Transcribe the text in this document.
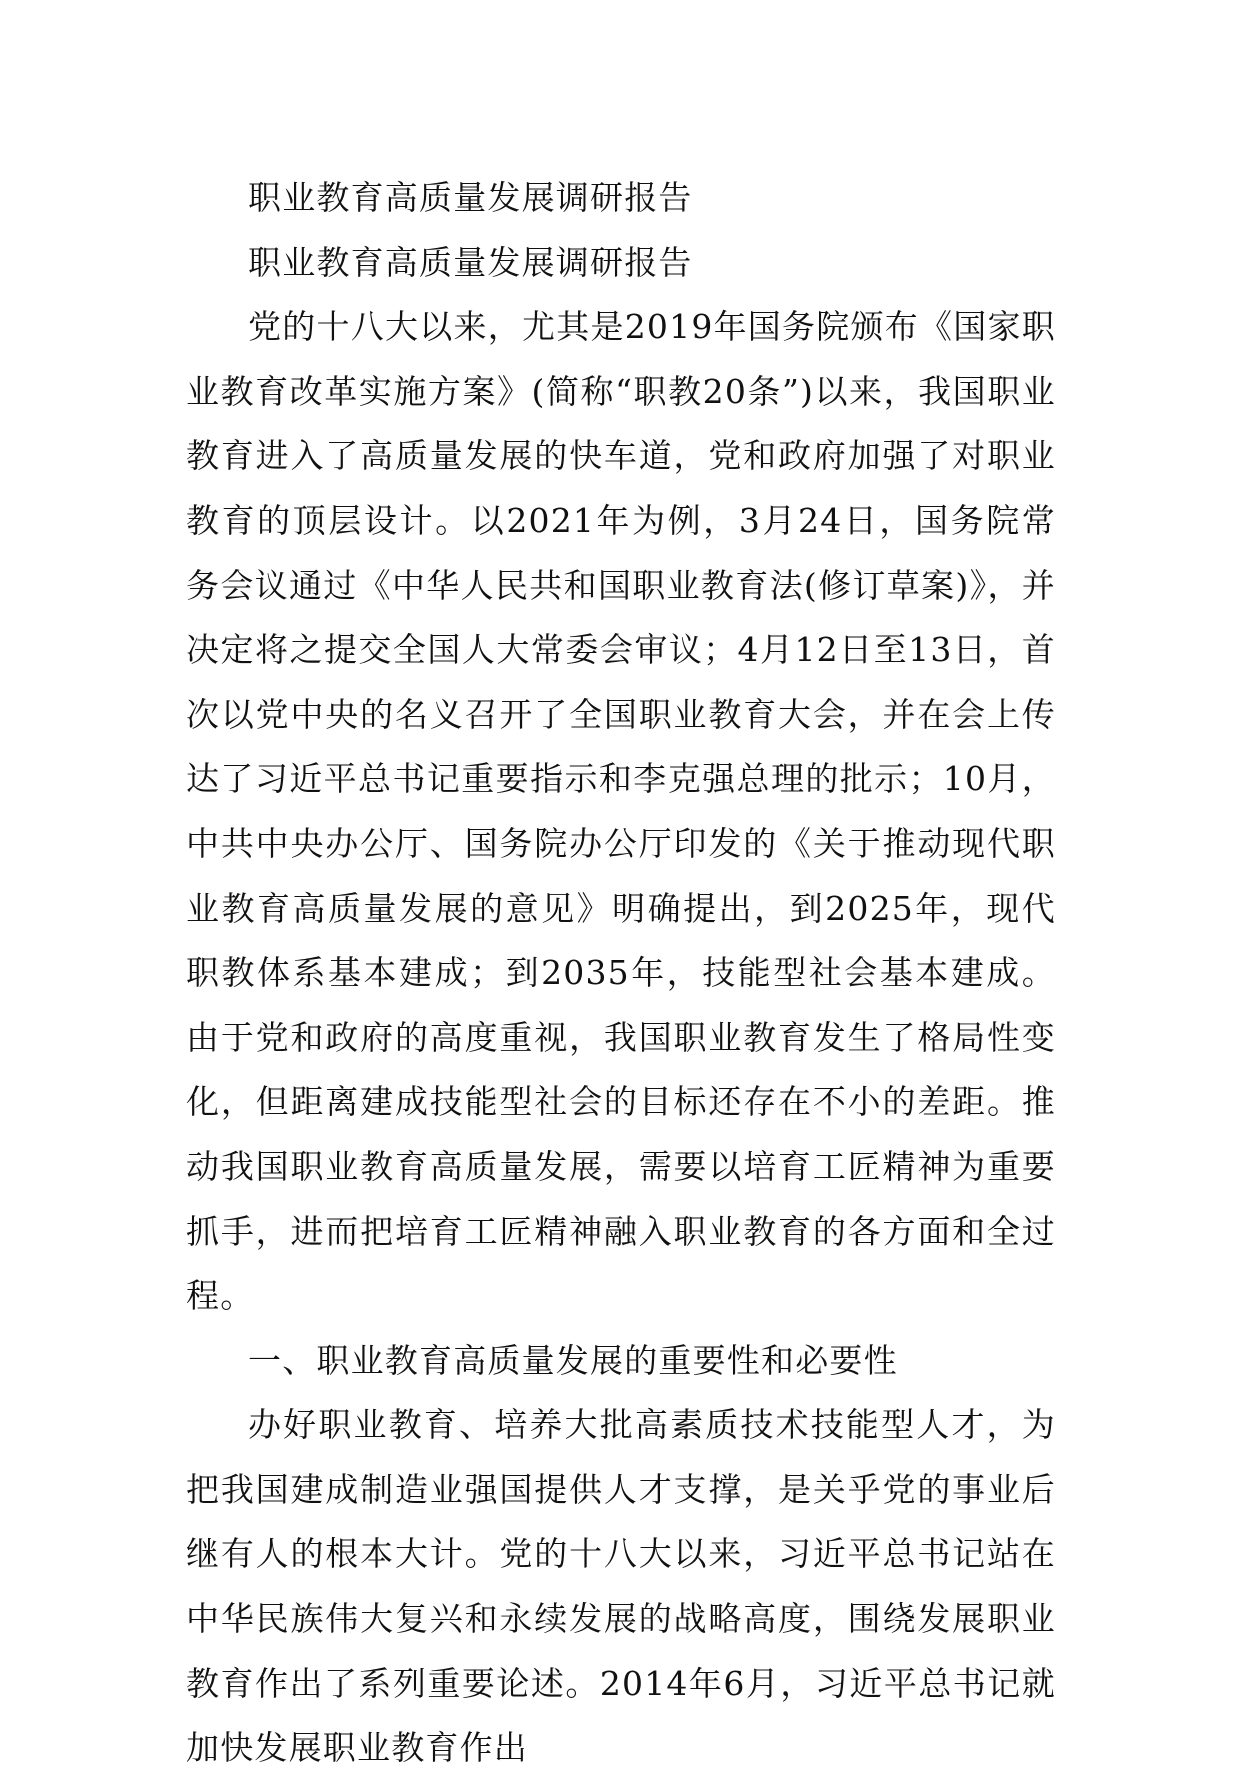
职业教育高质量发展调研报告

职业教育高质量发展调研报告

党的十八大以来，尤其是2019年国务院颁布《国家职业教育改革实施方案》(简称“职教20条”)以来，我国职业教育进入了高质量发展的快车道，党和政府加强了对职业教育的顶层设计。以2021年为例，3月24日，国务院常务会议通过《中华人民共和国职业教育法(修订草案)》，并决定将之提交全国人大常委会审议；4月12日至13日，首次以党中央的名义召开了全国职业教育大会，并在会上传达了习近平总书记重要指示和李克强总理的批示；10月，中共中央办公厅、国务院办公厅印发的《关于推动现代职业教育高质量发展的意见》明确提出，到2025年，现代职教体系基本建成；到2035年，技能型社会基本建成。由于党和政府的高度重视，我国职业教育发生了格局性变化，但距离建成技能型社会的目标还存在不小的差距。推动我国职业教育高质量发展，需要以培育工匠精神为重要抓手，进而把培育工匠精神融入职业教育的各方面和全过程。

一、职业教育高质量发展的重要性和必要性

办好职业教育、培养大批高素质技术技能型人才，为把我国建成制造业强国提供人才支撑，是关乎党的事业后继有人的根本大计。党的十八大以来，习近平总书记站在中华民族伟大复兴和永续发展的战略高度，围绕发展职业教育作出了系列重要论述。2014年6月，习近平总书记就加快发展职业教育作出
